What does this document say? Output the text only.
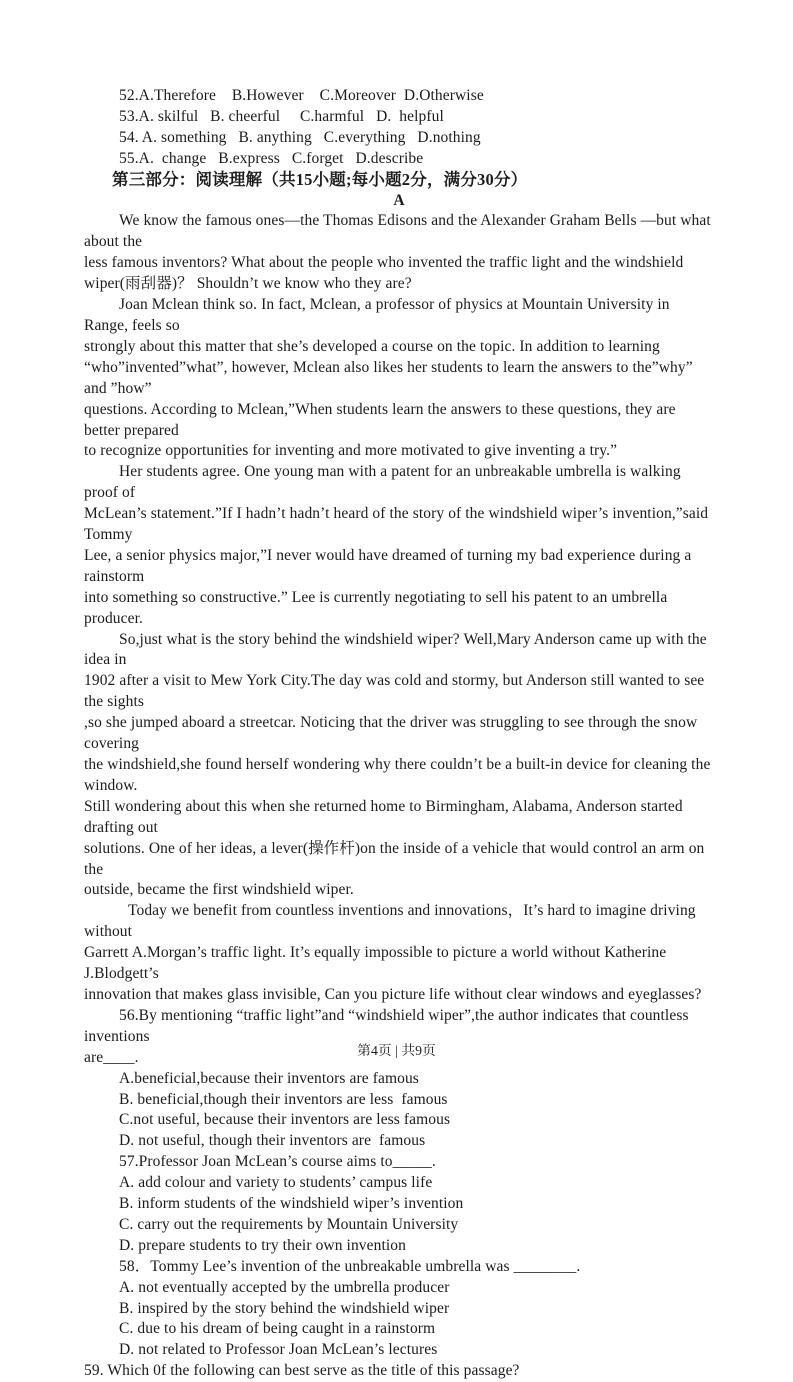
52.A.Therefore    B.However    C.Moreover  D.Otherwise
53.A. skilful   B. cheerful     C.harmful   D.  helpful
54. A. something   B. anything   C.everything   D.nothing
55.A.  change   B.express   C.forget   D.describe
第三部分：阅读理解（共15小题;每小题2分，满分30分）
A
We know the famous ones—the Thomas Edisons and the Alexander Graham Bells —but what about the
less famous inventors? What about the people who invented the traffic light and the windshield
wiper(雨刮器)？ Shouldn’t we know who they are?
Joan Mclean think so. In fact, Mclean, a professor of physics at Mountain University in Range, feels so
strongly about this matter that she’s developed a course on the topic. In addition to learning
“who”invented”what”, however, Mclean also likes her students to learn the answers to the”why” and ”how”
questions. According to Mclean,”When students learn the answers to these questions, they are better prepared
to recognize opportunities for inventing and more motivated to give inventing a try.”
Her students agree. One young man with a patent for an unbreakable umbrella is walking proof of
McLean’s statement.”If I hadn’t hadn’t heard of the story of the windshield wiper’s invention,”said Tommy
Lee, a senior physics major,”I never would have dreamed of turning my bad experience during a rainstorm
into something so constructive.” Lee is currently negotiating to sell his patent to an umbrella producer.
So,just what is the story behind the windshield wiper? Well,Mary Anderson came up with the idea in
1902 after a visit to Mew York City.The day was cold and stormy, but Anderson still wanted to see the sights
,so she jumped aboard a streetcar. Noticing that the driver was struggling to see through the snow covering
the windshield,she found herself wondering why there couldn’t be a built-in device for cleaning the window.
Still wondering about this when she returned home to Birmingham, Alabama, Anderson started drafting out
solutions. One of her ideas, a lever(操作杆)on the inside of a vehicle that would control an arm on the
outside, became the first windshield wiper.
Today we benefit from countless inventions and innovations，It’s hard to imagine driving without
Garrett A.Morgan’s traffic light. It’s equally impossible to picture a world without Katherine J.Blodgett’s
innovation that makes glass invisible, Can you picture life without clear windows and eyeglasses?
56.By mentioning “traffic light”and “windshield wiper”,the author indicates that countless inventions
are____.
A.beneficial,because their inventors are famous
B. beneficial,though their inventors are less  famous
C.not useful, because their inventors are less famous
D. not useful, though their inventors are  famous
57.Professor Joan McLean’s course aims to_____.
A. add colour and variety to students’ campus life
B. inform students of the windshield wiper’s invention
C. carry out the requirements by Mountain University
D. prepare students to try their own invention
58．Tommy Lee’s invention of the unbreakable umbrella was ________.
A. not eventually accepted by the umbrella producer
B. inspired by the story behind the windshield wiper
C. due to his dream of being caught in a rainstorm
D. not related to Professor Joan McLean’s lectures
59. Which 0f the following can best serve as the title of this passage?
第4页 | 共9页
